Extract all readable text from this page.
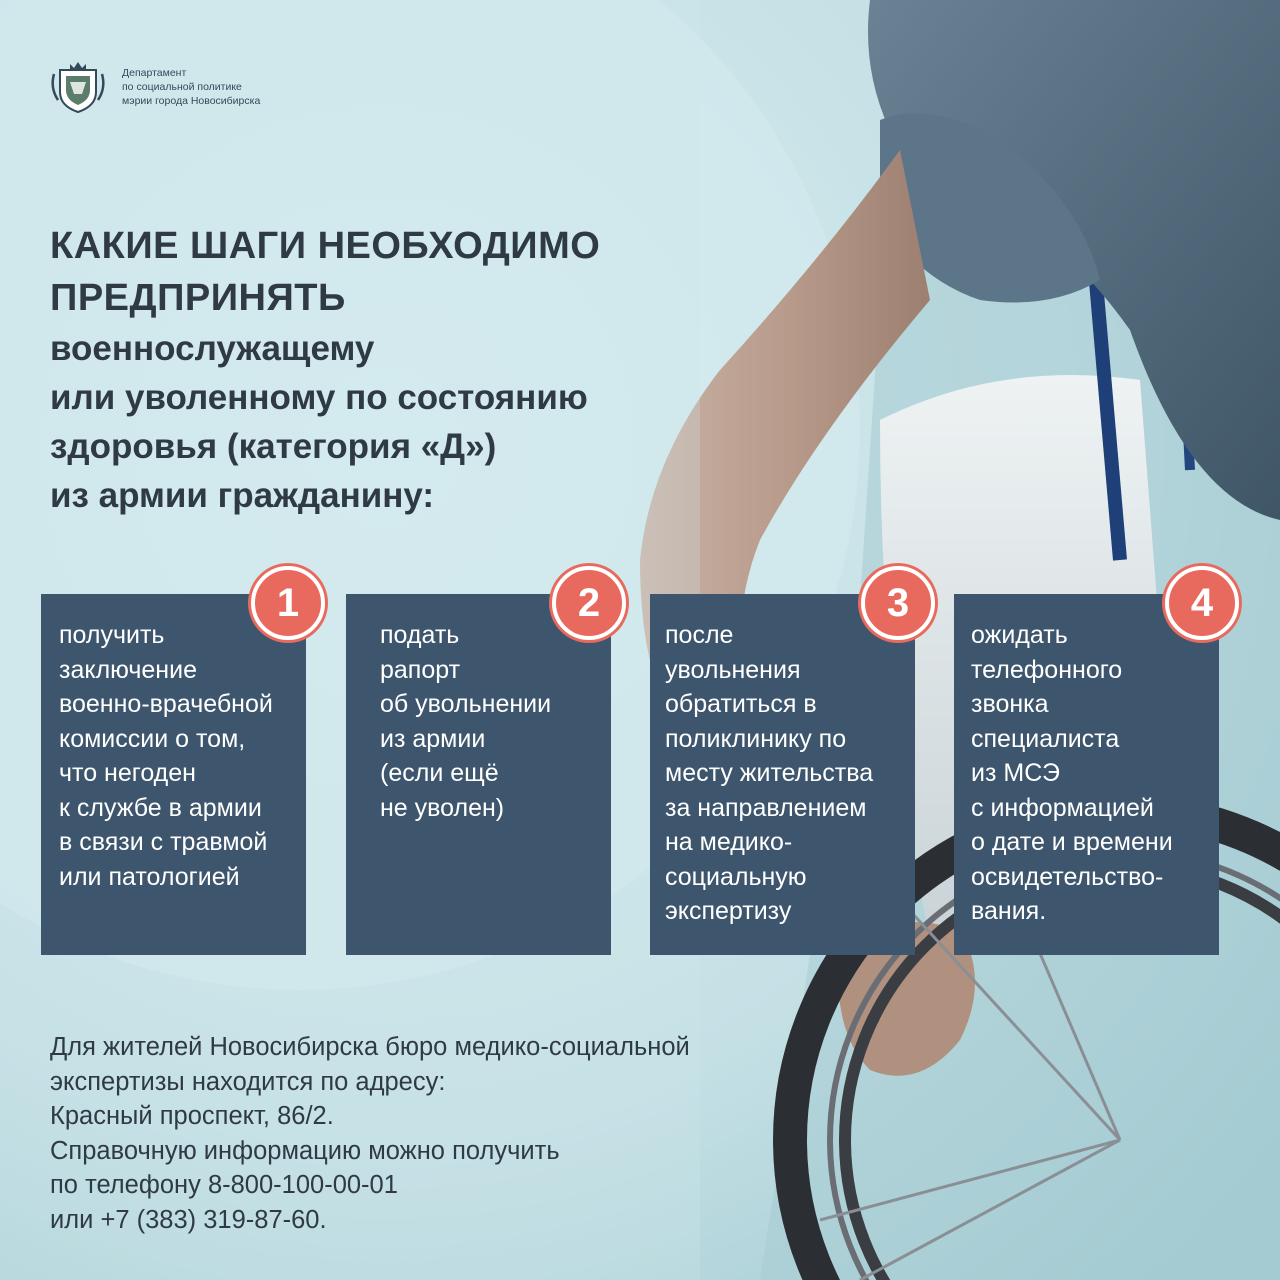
Департамент
по социальной политике
мэрии города Новосибирска
КАКИЕ ШАГИ НЕОБХОДИМО
ПРЕДПРИНЯТЬ
военнослужащему
или уволенному по состоянию
здоровья (категория «Д»)
из армии гражданину:
1
получить
заключение
военно-врачебной
комиссии о том,
что негоден
к службе в армии
в связи с травмой
или патологией
2
подать
рапорт
об увольнении
из армии
(если ещё
не уволен)
3
после
увольнения
обратиться в
поликлинику по
месту жительства
за направлением
на медико-
социальную
экспертизу
4
ожидать
телефонного
звонка
специалиста
из МСЭ
с информацией
о дате и времени
освидетельство-
вания.
Для жителей Новосибирска бюро медико-социальной
экспертизы находится по адресу:
Красный проспект, 86/2.
Справочную информацию можно получить
по телефону 8-800-100-00-01
или +7 (383) 319-87-60.
